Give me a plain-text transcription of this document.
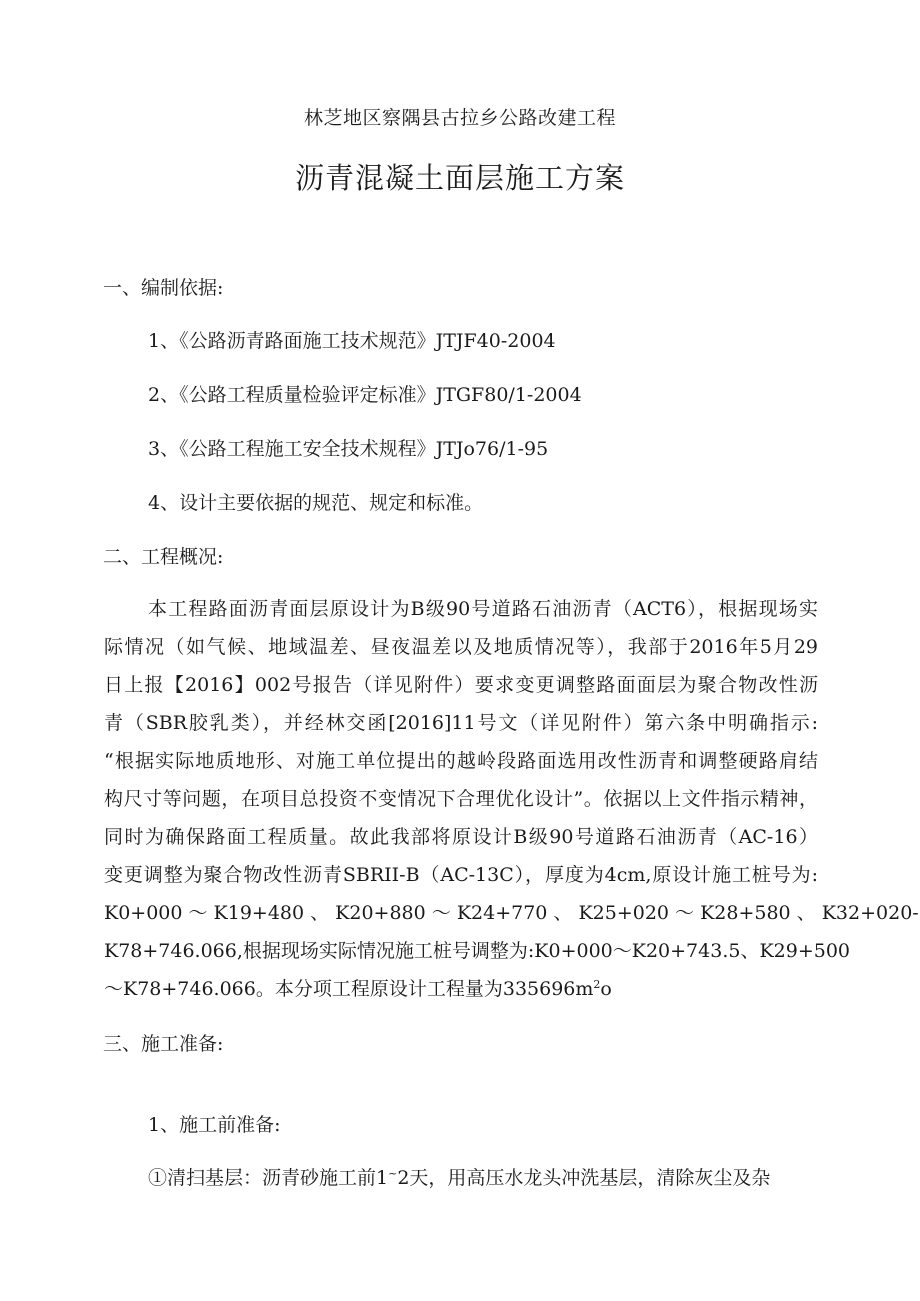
林芝地区察隅县古拉乡公路改建工程
沥青混凝土面层施工方案
一、编制依据:
1、《公路沥青路面施工技术规范》JTJF40-2004
2、《公路工程质量检验评定标准》JTGF80/1-2004
3、《公路工程施工安全技术规程》JTJo76/1-95
4、设计主要依据的规范、规定和标准。
二、工程概况:
本工程路面沥青面层原设计为B级90号道路石油沥青（ACT6），根据现场实
际情况（如气候、地域温差、昼夜温差以及地质情况等），我部于2016年5月29
日上报【2016】002号报告（详见附件）要求变更调整路面面层为聚合物改性沥
青（SBR胶乳类），并经林交函[2016]11号文（详见附件）第六条中明确指示:
“根据实际地质地形、对施工单位提出的越岭段路面选用改性沥青和调整硬路肩结
构尺寸等问题，在项目总投资不变情况下合理优化设计”。依据以上文件指示精神，
同时为确保路面工程质量。故此我部将原设计B级90号道路石油沥青（AC-16）
变更调整为聚合物改性沥青SBRII-B（AC-13C），厚度为4cm,原设计施工桩号为:
K0+000 ～ K19+480 、 K20+880 ～ K24+770 、 K25+020 ～ K28+580 、 K32+020-
K78+746.066,根据现场实际情况施工桩号调整为:K0+000～K20+743.5、K29+500
～K78+746.066。本分项工程原设计工程量为$335696m^2o$
三、施工准备:
1、施工前准备:
①清扫基层：沥青砂施工前1~2天，用高压水龙头冲洗基层，清除灰尘及杂
